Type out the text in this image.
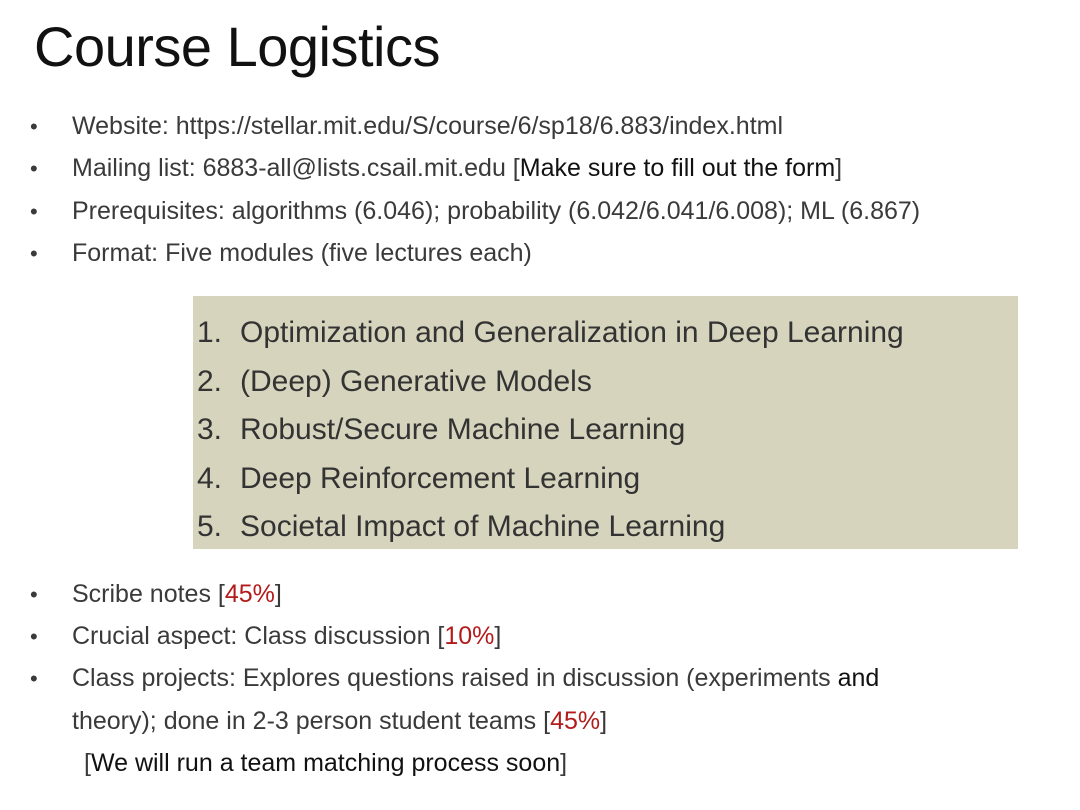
Course Logistics
• Website: https://stellar.mit.edu/S/course/6/sp18/6.883/index.html
• Mailing list: 6883-all@lists.csail.mit.edu [Make sure to fill out the form]
• Prerequisites: algorithms (6.046); probability (6.042/6.041/6.008); ML (6.867)
• Format: Five modules (five lectures each)
• Scribe notes [45%]
• Crucial aspect: Class discussion [10%]
• Class projects: Explores questions raised in discussion (experiments and
theory); done in 2-3 person student teams [45%]
[We will run a team matching process soon]
1. Optimization and Generalization in Deep Learning
2. (Deep) Generative Models
3. Robust/Secure Machine Learning
4. Deep Reinforcement Learning
5. Societal Impact of Machine Learning
